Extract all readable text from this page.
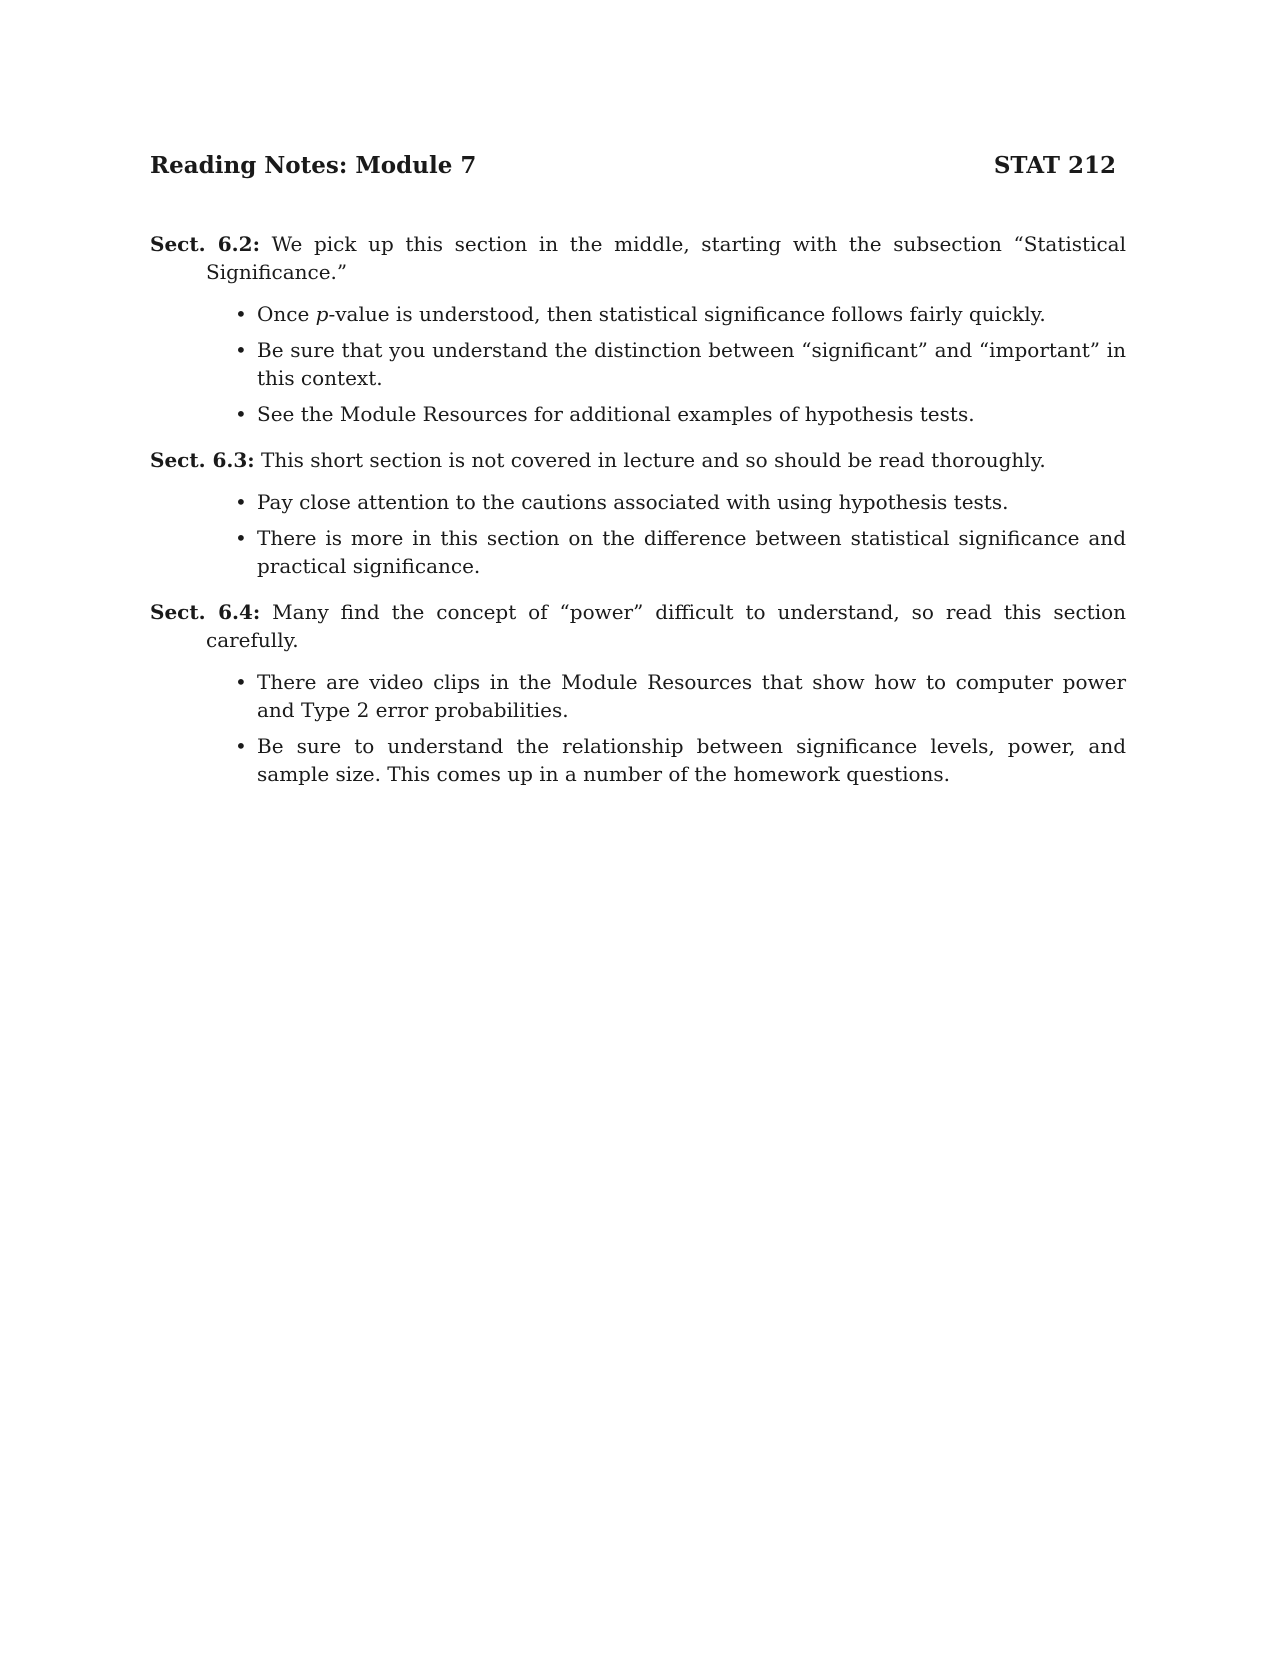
Reading Notes: Module 7	STAT 212
Sect. 6.2: We pick up this section in the middle, starting with the subsection “Statistical Significance.”
• Once p-value is understood, then statistical significance follows fairly quickly.
• Be sure that you understand the distinction between “significant” and “important” in this context.
• See the Module Resources for additional examples of hypothesis tests.
Sect. 6.3: This short section is not covered in lecture and so should be read thoroughly.
• Pay close attention to the cautions associated with using hypothesis tests.
• There is more in this section on the difference between statistical significance and practical significance.
Sect. 6.4: Many find the concept of “power” difficult to understand, so read this section carefully.
• There are video clips in the Module Resources that show how to computer power and Type 2 error probabilities.
• Be sure to understand the relationship between significance levels, power, and sample size. This comes up in a number of the homework questions.
